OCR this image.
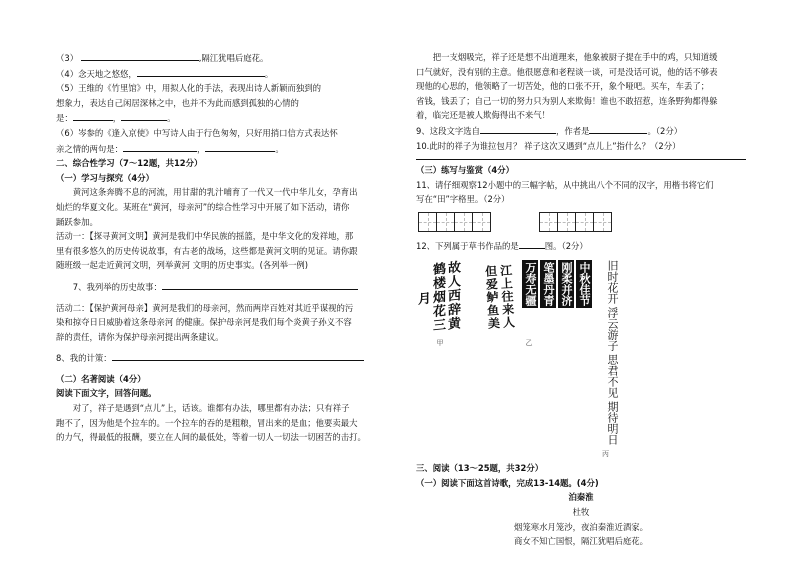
（3）	,隔江犹唱后庭花。

（4）念天地之悠悠，	。

（5）王维的《竹里馆》中，用拟人化的手法，表现出诗人新颖而独到的
想象力，表达自己闲居深林之中，也并不为此而感到孤独的心情的
是：	，	。

（6）岑参的《逢入京使》中写诗人由于行色匆匆，只好用捎口信方式表达怀
亲之情的两句是：	，	。

二、综合性学习（7～12题，共12分）

（一）学习与探究（4分）

黄河这条奔腾不息的河流，用甘甜的乳汁哺育了一代又一代中华儿女，孕育出
灿烂的华夏文化。某班在“黄河，母亲河”的综合性学习中开展了如下活动，请你
踊跃参加。

活动一：【探寻黄河文明】黄河是我们中华民族的摇篮，是中华文化的发祥地，那
里有很多悠久的历史传说故事，有古老的战场，这些都是黄河文明的见证。请你跟
随班级一起走近黄河文明，列举黄河 文明的历史事实。(各列举一例)

7、我列举的历史故事：

活动二：【保护黄河母亲】黄河是我们的母亲河，然而两岸百姓对其近乎谋视的污
染和掠夺日日威胁着这条母亲河 的健康。保护母亲河是我们每个炎黄子孙义不容
辞的责任，请你为保护母亲河提出两条建议。

8、我的计策：

（二）名著阅读（4分）

阅读下面文字，回答问题。

对了，祥子是遇到“点儿”上，话该。谁都有办法，哪里都有办法；只有祥子
跑不了，因为他是个拉车的。一个拉车的吞的是粗粮，冒出来的是血；他要卖最大
的力气，得最低的报酬，要立在人间的最低处，等着一切人一切法一切困苦的击打。

把一支烟吸完，祥子还是想不出道理来，他象被厨子提在手中的鸡，只知道缓
口气就好，没有别的主意。他很愿意和老程谈一谈，可是没话可说，他的话不够表
现他的心思的，他领略了一切苦处，他的口张不开，象个哑吧。买车，车丢了；
省钱，钱丢了；自己一切的努力只为别人来欺侮！谁也不敢招惹，连条野狗都得躲
着，临完还是被人欺侮得出不来气！

9、这段文字选自	，作者是	。（2分）

10.此时的祥子为谁拉包月？ 祥子这次又遇到“点儿上”指什么？（2分）

（三）练写与鉴赏（4分）

11、请仔细观察12小题中的三幅字帖，从中挑出八个不同的汉字，用楷书将它们
写在“田”字格里。（2分）

12、下列属于草书作品的是	图。（2分）

故人西辞黄鹤楼烟花三月
甲
江上往来人但爱鲈鱼美	万寿无疆 笔墨丹青 刚柔并济 中秋佳节
乙
旧时花开
浮云游子
思君不见
期待明日
丙

三、阅读（13～25题，共32分）

（一）阅读下面这首诗歌，完成13-14题。(4分)

泊秦淮

杜牧

烟笼寒水月笼沙，夜泊秦淮近酒家。

商女不知亡国恨，隔江犹唱后庭花。
